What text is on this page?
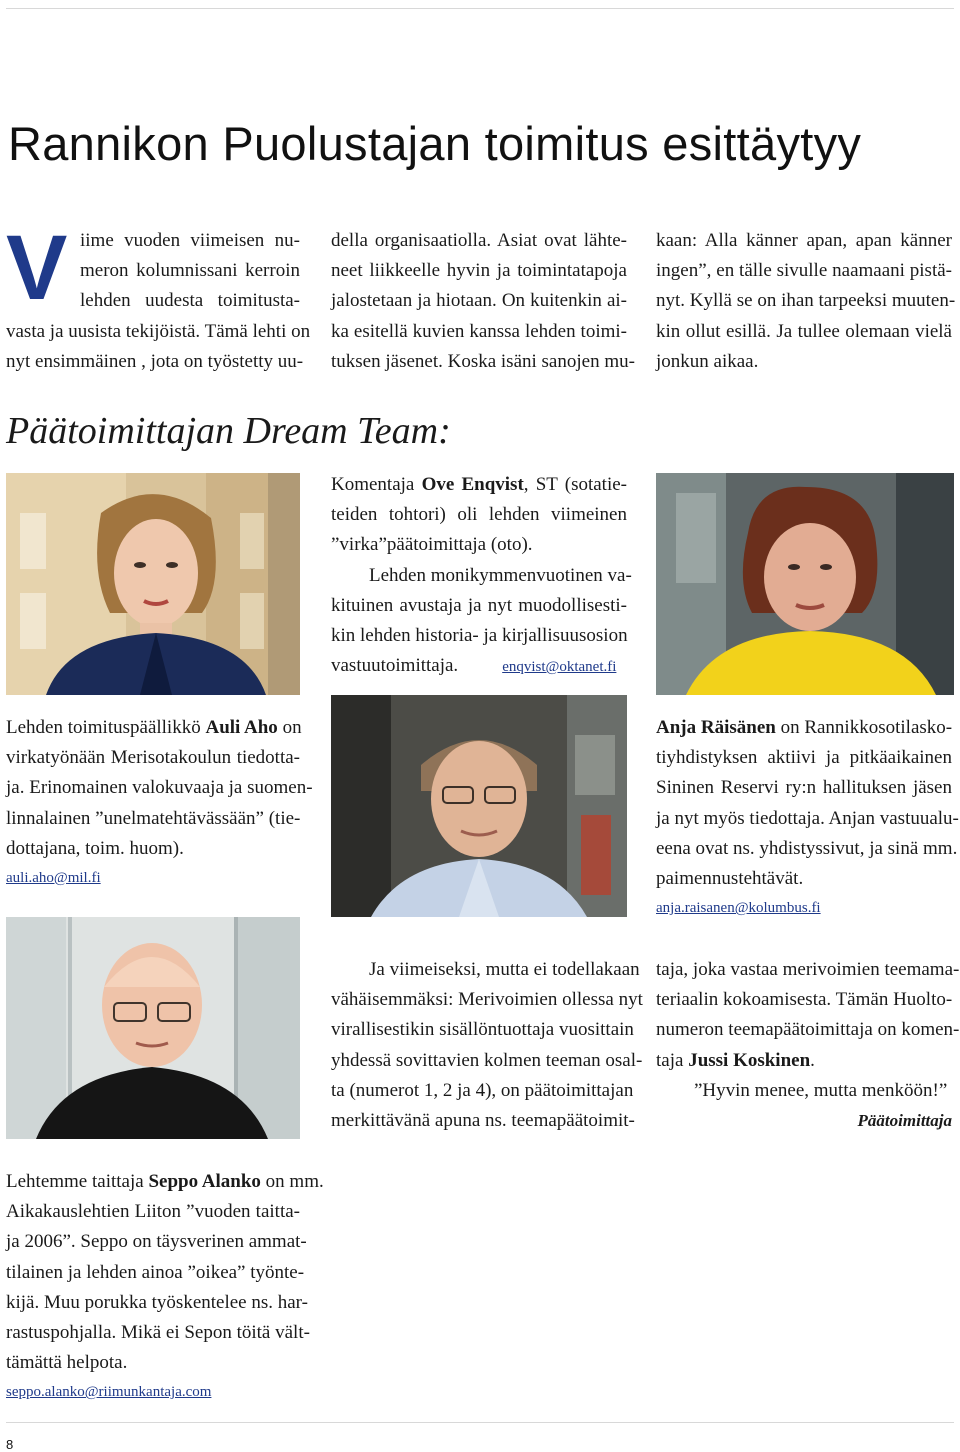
Rannikon Puolustajan toimitus esittäytyy
V iime vuoden viimeisen nu-
meron kolumnissani kerroin
lehden uudesta toimitusta-
vasta ja uusista tekijöistä. Tämä lehti on
nyt ensimmäinen , jota on työstetty uu-
della organisaatiolla. Asiat ovat lähte-
neet liikkeelle hyvin ja toimintatapoja
jalostetaan ja hiotaan. On kuitenkin ai-
ka esitellä kuvien kanssa lehden toimi-
tuksen jäsenet. Koska isäni sanojen mu-
kaan: Alla känner apan, apan känner
ingen”, en tälle sivulle naamaani pistä-
nyt. Kyllä se on ihan tarpeeksi muuten-
kin ollut esillä. Ja tullee olemaan vielä
jonkun aikaa.
Päätoimittajan Dream Team:
Komentaja Ove Enqvist, ST (sotatie-
teiden tohtori) oli lehden viimeinen
”virka”päätoimittaja (oto).
Lehden monikymmenvuotinen va-
kituinen avustaja ja nyt muodollisesti-
kin lehden historia- ja kirjallisuusosion
vastuutoimittaja.	enqvist@oktanet.fi
Lehden toimituspäällikkö Auli Aho on
virkatyönään Merisotakoulun tiedotta-
ja. Erinomainen valokuvaaja ja suomen-
linnalainen ”unelmatehtävässään” (tie-
dottajana, toim. huom).
auli.aho@mil.fi
Anja Räisänen on Rannikkosotilasko-
tiyhdistyksen aktiivi ja pitkäaikainen
Sininen Reservi ry:n hallituksen jäsen
ja nyt myös tiedottaja. Anjan vastuualu-
eena ovat ns. yhdistyssivut, ja sinä mm.
paimennustehtävät.
anja.raisanen@kolumbus.fi
Ja viimeiseksi, mutta ei todellakaan
vähäisemmäksi: Merivoimien ollessa nyt
virallisestikin sisällöntuottaja vuosittain
yhdessä sovittavien kolmen teeman osal-
ta (numerot 1, 2 ja 4), on päätoimittajan
merkittävänä apuna ns. teemapäätoimit-
taja, joka vastaa merivoimien teemama-
teriaalin kokoamisesta. Tämän Huolto-
numeron teemapäätoimittaja on komen-
taja Jussi Koskinen.
”Hyvin menee, mutta menköön!”
Päätoimittaja
Lehtemme taittaja Seppo Alanko on mm.
Aikakauslehtien Liiton ”vuoden taitta-
ja 2006”. Seppo on täysverinen ammat-
tilainen ja lehden ainoa ”oikea” työnte-
kijä. Muu porukka työskentelee ns. har-
rastuspohjalla. Mikä ei Sepon töitä vält-
tämättä helpota.
seppo.alanko@riimunkantaja.com
8
